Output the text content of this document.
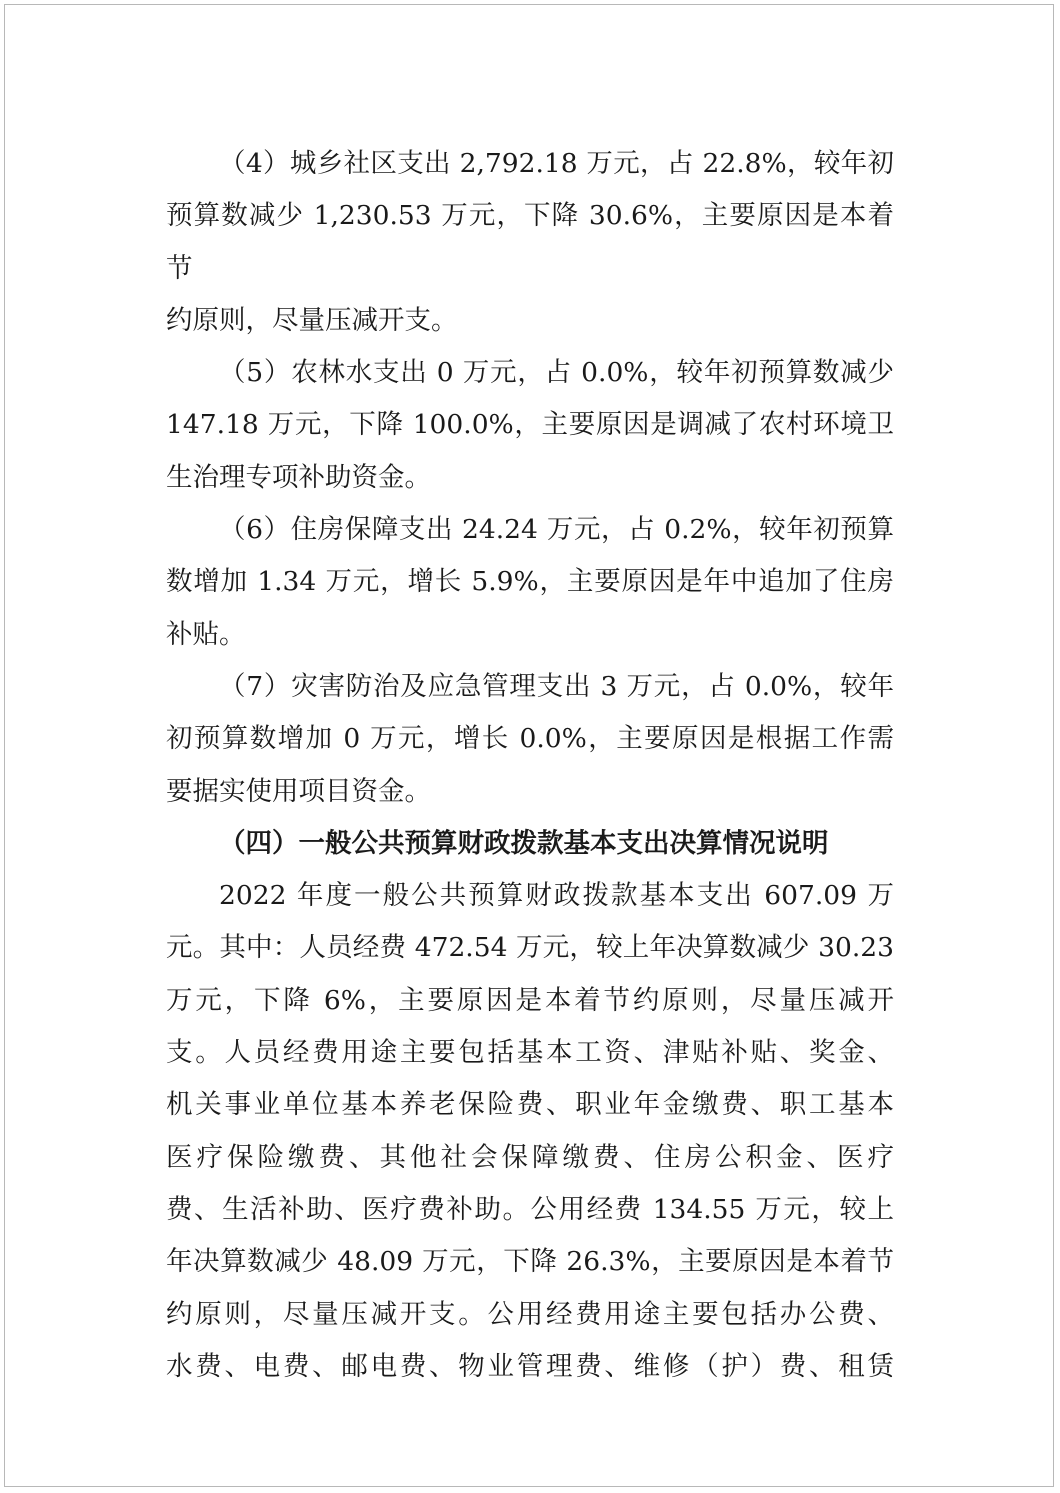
（4）城乡社区支出 2,792.18 万元，占 22.8%，较年初
预算数减少 1,230.53 万元，下降 30.6%，主要原因是本着节
约原则，尽量压减开支。
（5）农林水支出 0 万元，占 0.0%，较年初预算数减少
147.18 万元，下降 100.0%，主要原因是调减了农村环境卫
生治理专项补助资金。
（6）住房保障支出 24.24 万元，占 0.2%，较年初预算
数增加 1.34 万元，增长 5.9%，主要原因是年中追加了住房
补贴。
（7）灾害防治及应急管理支出 3 万元，占 0.0%，较年
初预算数增加 0 万元，增长 0.0%，主要原因是根据工作需
要据实使用项目资金。
（四）一般公共预算财政拨款基本支出决算情况说明
2022 年度一般公共预算财政拨款基本支出 607.09 万
元。其中：人员经费 472.54 万元，较上年决算数减少 30.23
万元，下降 6%，主要原因是本着节约原则，尽量压减开
支。人员经费用途主要包括基本工资、津贴补贴、奖金、
机关事业单位基本养老保险费、职业年金缴费、职工基本
医疗保险缴费、其他社会保障缴费、住房公积金、医疗
费、生活补助、医疗费补助。公用经费 134.55 万元，较上
年决算数减少 48.09 万元，下降 26.3%，主要原因是本着节
约原则，尽量压减开支。公用经费用途主要包括办公费、
水费、电费、邮电费、物业管理费、维修（护）费、租赁
